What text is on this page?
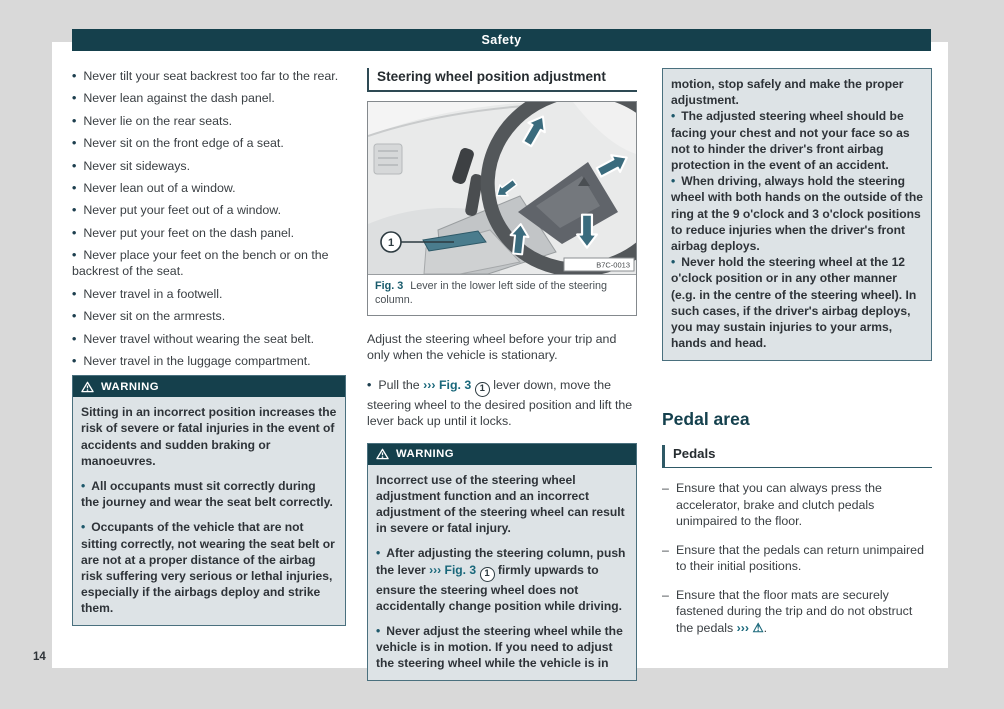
Safety
• Never tilt your seat backrest too far to the rear.
• Never lean against the dash panel.
• Never lie on the rear seats.
• Never sit on the front edge of a seat.
• Never sit sideways.
• Never lean out of a window.
• Never put your feet out of a window.
• Never put your feet on the dash panel.
• Never place your feet on the bench or on the backrest of the seat.
• Never travel in a footwell.
• Never sit on the armrests.
• Never travel without wearing the seat belt.
• Never travel in the luggage compartment.
WARNING
Sitting in an incorrect position increases the risk of severe or fatal injuries in the event of accidents and sudden braking or manoeuvres.
• All occupants must sit correctly during the journey and wear the seat belt correctly.
• Occupants of the vehicle that are not sitting correctly, not wearing the seat belt or are not at a proper distance of the airbag risk suffering very serious or lethal injuries, especially if the airbags deploy and strike them.
Steering wheel position adjustment
1
B7C-0013
Fig. 3 Lever in the lower left side of the steering column.
Adjust the steering wheel before your trip and only when the vehicle is stationary.
• Pull the ››› Fig. 3 1 lever down, move the steering wheel to the desired position and lift the lever back up until it locks.
WARNING
Incorrect use of the steering wheel adjustment function and an incorrect adjustment of the steering wheel can result in severe or fatal injury.
• After adjusting the steering column, push the lever ››› Fig. 3 1 firmly upwards to ensure the steering wheel does not accidentally change position while driving.
• Never adjust the steering wheel while the vehicle is in motion. If you need to adjust the steering wheel while the vehicle is in
motion, stop safely and make the proper adjustment.
• The adjusted steering wheel should be facing your chest and not your face so as not to hinder the driver's front airbag protection in the event of an accident.
• When driving, always hold the steering wheel with both hands on the outside of the ring at the 9 o'clock and 3 o'clock positions to reduce injuries when the driver's front airbag deploys.
• Never hold the steering wheel at the 12 o'clock position or in any other manner (e.g. in the centre of the steering wheel). In such cases, if the driver's airbag deploys, you may sustain injuries to your arms, hands and head.
Pedal area
Pedals
– Ensure that you can always press the accelerator, brake and clutch pedals unimpaired to the floor.
– Ensure that the pedals can return unimpaired to their initial positions.
– Ensure that the floor mats are securely fastened during the trip and do not obstruct the pedals ››› ⚠.
14
